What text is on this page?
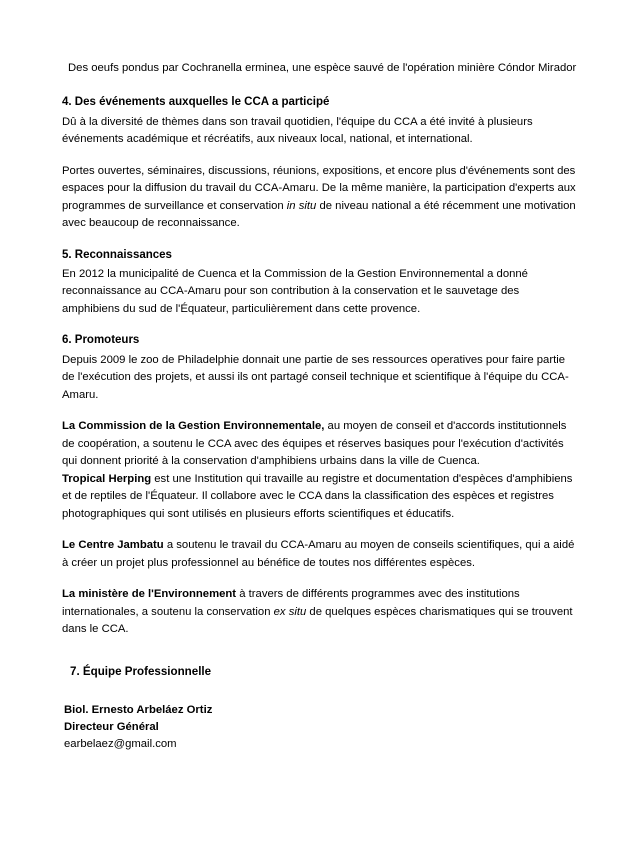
Des oeufs pondus par Cochranella erminea, une espèce sauvé de l'opération minière Cóndor Mirador

4. Des événements auxquelles le CCA a participé

Dû à la diversité de thèmes dans son travail quotidien, l'équipe du CCA a été invité à plusieurs événements académique et récréatifs, aux niveaux local, national, et international.

Portes ouvertes, séminaires, discussions, réunions, expositions, et encore plus d'événements sont des espaces pour la diffusion du travail du CCA-Amaru. De la même manière, la participation d'experts aux programmes de surveillance et conservation in situ de niveau national a été récemment une motivation avec beaucoup de reconnaissance.

5. Reconnaissances

En 2012 la municipalité de Cuenca et la Commission de la Gestion Environnemental a donné reconnaissance au CCA-Amaru pour son contribution à la conservation et le sauvetage des amphibiens du sud de l'Équateur, particulièrement dans cette provence.

6. Promoteurs

Depuis 2009 le zoo de Philadelphie donnait une partie de ses ressources operatives pour faire partie de l'exécution des projets, et aussi ils ont partagé conseil technique et scientifique à l'équipe du CCA-Amaru.

La Commission de la Gestion Environnementale, au moyen de conseil et d'accords institutionnels de coopération, a soutenu le CCA avec des équipes et réserves basiques pour l'exécution d'activités qui donnent priorité à la conservation d'amphibiens urbains dans la ville de Cuenca.

Tropical Herping est une Institution qui travaille au registre et documentation d'espèces d'amphibiens et de reptiles de l'Équateur. Il collabore avec le CCA dans la classification des espèces et registres photographiques qui sont utilisés en plusieurs efforts scientifiques et éducatifs.

Le Centre Jambatu a soutenu le travail du CCA-Amaru au moyen de conseils scientifiques, qui a aidé à créer un projet plus professionnel au bénéfice de toutes nos différentes espèces.

La ministère de l'Environnement à travers de différents programmes avec des institutions internationales, a soutenu la conservation ex situ de quelques espèces charismatiques qui se trouvent dans le CCA.

7. Équipe Professionnelle
Biol. Ernesto Arbeláez Ortiz
Directeur Général
earbelaez@gmail.com
